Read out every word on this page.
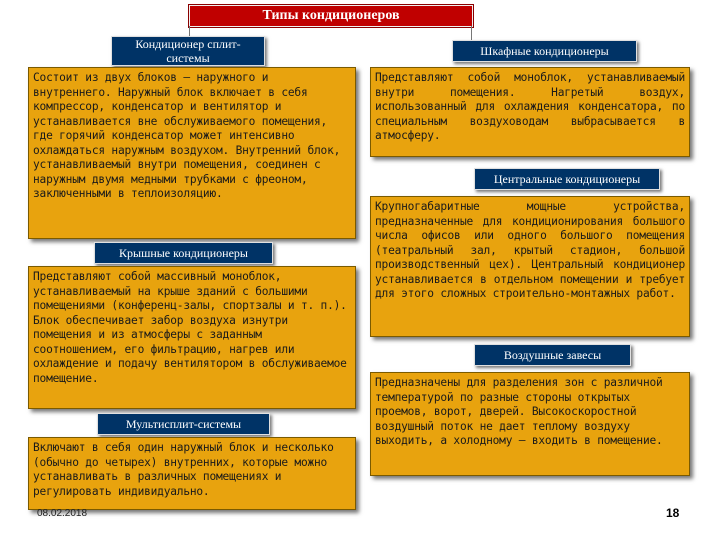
Типы кондиционеров
Кондиционер сплит-системы
Состоит из двух блоков — наружного и внутреннего. Наружный блок включает в себя компрессор, конденсатор и вентилятор и устанавливается вне обслуживаемого помещения, где горячий конденсатор может интенсивно охлаждаться наружным воздухом. Внутренний блок, устанавливаемый внутри помещения, соединен с наружным двумя медными трубками с фреоном, заключенными в теплоизоляцию.
Крышные кондиционеры
Представляют собой массивный моноблок, устанавливаемый на крыше зданий с большими помещениями (конференц-залы, спортзалы и т. п.). Блок обеспечивает забор воздуха изнутри помещения и из атмосферы с заданным соотношением, его фильтрацию, нагрев или охлаждение и подачу вентилятором в обслуживаемое помещение.
Мультисплит-системы
Включают в себя один наружный блок и несколько (обычно до четырех) внутренних, которые можно устанавливать в различных помещениях и регулировать индивидуально.
Шкафные кондиционеры
Представляют собой моноблок, устанавливаемый внутри помещения. Нагретый воздух, использованный для охлаждения конденсатора, по специальным воздуховодам выбрасывается в атмосферу.
Центральные кондиционеры
Крупногабаритные мощные устройства, предназначенные для кондиционирования большого числа офисов или одного большого помещения (театральный зал, крытый стадион, большой производственный цех). Центральный кондиционер устанавливается в отдельном помещении и требует для этого сложных строительно-монтажных работ.
Воздушные завесы
Предназначены для разделения зон с различной температурой по разные стороны открытых проемов, ворот, дверей. Высокоскоростной воздушный поток не дает теплому воздуху выходить, а холодному — входить в помещение.
08.02.2018	18
